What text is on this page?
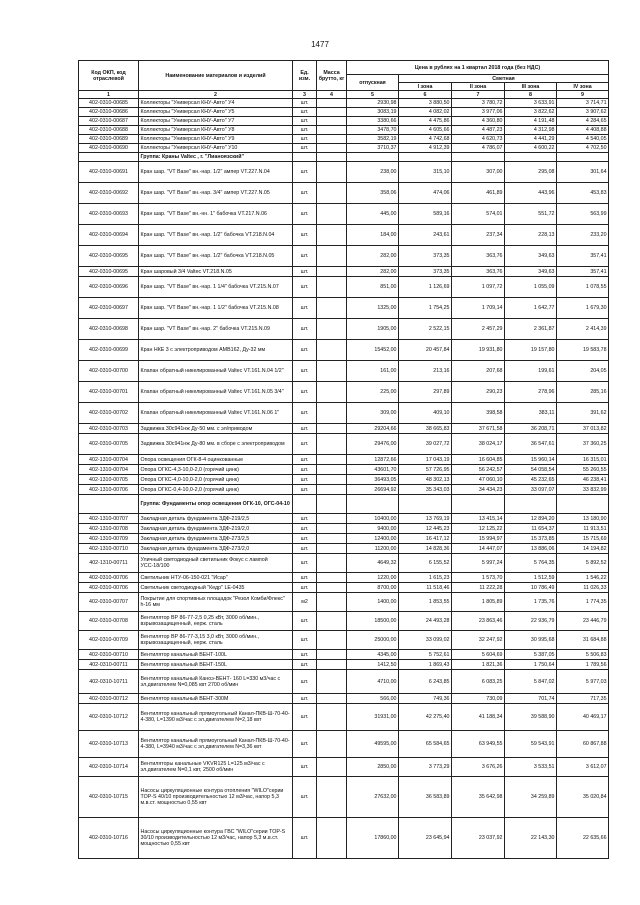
1477
Код ОКП, код отраслевой	Наименование материалов и изделий	Ед. изм.	Масса брутто, кг	Цена в рублях на 1 квартал 2018 года (без НДС)				
				отпускная	Сметная			
					I зона	II зона	III зона	IV зона
1	2	3	4	5	6	7	8	9
402-0310-00685	Коллекторы "Универсал КНУ-Авто" У4	шт.		2930,98	3 880,50	3 780,72	3 633,91	3 714,71
402-0310-00686	Коллекторы "Универсал КНУ-Авто" У5	шт.		3083,19	4 082,02	3 977,06	3 822,62	3 907,62
402-0310-00687	Коллекторы "Универсал КНУ-Авто" У7	шт.		3380,66	4 475,86	4 360,80	4 191,48	4 284,65
402-0310-00688	Коллекторы "Универсал КНУ-Авто" У8	шт.		3478,70	4 605,66	4 487,23	4 312,98	4 408,88
402-0310-00689	Коллекторы "Универсал КНУ-Авто" У9	шт.		3582,19	4 742,68	4 620,73	4 441,29	4 540,05
402-0310-00690	Коллекторы "Универсал КНУ-Авто" У10	шт.		3710,37	4 912,39	4 786,07	4 600,22	4 702,50
	Группа: Краны Valtec , г. "Лианоязский"							
402-0310-00691	Кран шар. "VT Base" вн.-нар. 1/2" ампер VT.227.N.04	шт.		238,00	315,10	307,00	295,08	301,64
402-0310-00692	Кран шар. "VT Base" вн.-нар. 3/4" ампер VT.227.N.05	шт.		358,06	474,06	461,89	443,96	453,83
402-0310-00693	Кран шар. "VT Base" вн.-нн. 1" бабочка VT.217.N.06	шт.		445,00	589,16	574,01	551,72	563,99
402-0310-00694	Кран шар. "VT Base" вн.-нар. 1/2" бабочка VT.218.N.04	шт.		184,00	243,61	237,34	228,13	233,20
402-0310-00695	Кран шар. "VT Base" вн.-нар. 1/2" бабочка VT.218.N.05	шт.		282,00	373,35	363,76	349,63	357,41
402-0310-00695	Кран шаровый 3/4 Valtec VT.218.N.05	шт.		282,00	373,35	363,76	349,63	357,41
402-0310-00696	Кран шар. "VT Base" вн.-нар. 1 1/4" бабочка VT.215.N.07	шт.		851,00	1 126,69	1 097,72	1 055,09	1 078,55
402-0310-00697	Кран шар. "VT Base" вн.-нар. 1 1/2" бабочка VT.215.N.08	шт.		1325,00	1 754,25	1 709,14	1 642,77	1 679,30
402-0310-00698	Кран шар. "VT Base" вн.-нар. 2" бабочка VT.215.N.09	шт.		1905,00	2 522,15	2 457,29	2 361,87	2 414,39
402-0310-00699	Кран НКЕ 3 с электроприводом АМВ162, Ду-32 мм	шт.		15452,00	20 457,84	19 931,80	19 157,80	19 583,78
402-0310-00700	Клапан обратный никелированный Valtec VT.161.N.04 1/2"	шт.		161,00	213,16	207,68	199,61	204,05
402-0310-00701	Клапан обратный никелированный Valtec VT.161.N.05 3/4"	шт.		225,00	297,89	290,23	278,96	285,16
402-0310-00702	Клапан обратный никелированный Valtec VT.161.N.06 1"	шт.		309,00	409,10	398,58	383,11	391,62
402-0310-00703	Задвижка 30с941нж Ду-50 мм. с эл/приводом	шт.		29204,66	38 665,83	37 671,58	36 208,71	37 013,82
402-0310-00705	Задвижка 30с941нж Ду-80 мм. в сборе с электроприводом	шт.		29476,00	39 027,72	38 024,17	36 547,61	37 360,25
402-1310-00704	Опора освещения ОГК-8-4 оцинкованные	шт.		12872,66	17 043,19	16 604,85	15 960,14	16 315,01
402-1310-00704	Опора ОГКС-4,3-10,0-2,0 (горячий цинк)	шт.		43601,70	57 726,95	56 242,57	54 058,54	55 260,55
402-1310-00705	Опора ОГКС-4,0-10,0-2,0 (горячий цинк)	шт.		36493,05	48 302,13	47 060,10	45 232,65	46 238,41
402-1310-00706	Опора ОГКС-0,4-10,0-2,0 (горячий цинк)	шт.		26694,92	35 343,03	34 434,23	33 097,07	33 832,99
	Группа: Фундаменты опор освещения ОГК-10, ОГС-04-10							
402-1310-00707	Закладная деталь фундамента ЗДФ-219/2,5	шт.		10400,00	13 769,19	13 415,14	12 894,20	13 180,90
402-1310-00708	Закладная деталь фундамента ЗДФ-219/2,0	шт.		9400,00	12 445,23	12 125,22	11 654,37	11 913,51
402-1310-00709	Закладная деталь фундамента ЗДФ-273/2,5	шт.		12400,00	16 417,12	15 994,97	15 373,85	15 715,69
402-1310-00710	Закладная деталь фундамента ЗДФ-273/2,0	шт.		11200,00	14 828,36	14 447,07	13 886,06	14 194,82
402-1310-00711	Уличный светодиодный светильник Фокус с лампой УСС-18/100	шт.		4649,32	6 155,52	5 997,24	5 764,35	5 892,52
402-0310-00706	Светильник НТУ-06-150-021 "Иcар"	шт.		1220,00	1 615,23	1 573,70	1 512,59	1 546,22
402-0310-00706	Светильник светодиодный "Кедр" LE-0435	шт.		8700,00	11 518,46	11 222,28	10 786,49	11 026,33
402-0310-00707	Покрытие для спортивных площадок "Резол Комби/Флекс" h-16 мм	м2		1400,00	1 853,55	1 805,89	1 735,76	1 774,35
402-0310-00708	Вентилятор ВР 86-77-2,5 0,25 кВт, 3000 об/мин., взрывозащищенный, нерж. сталь	шт.		18500,00	24 493,28	23 863,46	22 936,79	23 446,79
402-0310-00709	Вентилятор ВР 86-77-3,15 3,0 кВт, 3000 об/мин., взрывозащищенный, нерж. сталь	шт.		25000,00	33 099,02	32 247,92	30 995,68	31 684,88
402-0310-00710	Вентилятор канальный ВЕНТ-100L	шт.		4345,00	5 752,61	5 604,69	5 387,05	5 506,83
402-0310-00711	Вентилятор канальный ВЕНТ-150L	шт.		1412,50	1 869,43	1 821,36	1 750,64	1 789,56
402-0310-10711	Вентилятор канальный Каноэ-ВЕНТ- 160 L=330 м3/час с эл.двигателем N=0,085 квт 2700 об/мин	шт.		4710,00	6 243,85	6 083,25	5 847,02	5 977,03
402-0310-00712	Вентилятор канальный ВЕНТ-300М	шт.		566,00	749,36	730,09	701,74	717,35
402-0310-10712	Вентилятор канальный прямоугольный Канал-ПКВ-Ш-70-40-4-380, L=1390 м3/час с эл.двигателем N=2,18 квт	шт.		31931,00	42 275,40	41 188,34	39 588,90	40 469,17
402-0310-10713	Вентилятор канальный прямоугольный Канал-ПКВ-Ш-70-40-4-380, L=3940 м3/час с эл.двигателем N=3,36 квт	шт.		49595,00	65 584,65	63 949,55	59 543,91	60 867,88
402-0310-10714	Вентиляторы канальные VKVR125 L=125 м3/час с эл.двигателем N=0,1 квт, 2500 об/мин	шт.		2850,00	3 773,29	3 676,26	3 533,51	3 612,07
402-0310-10715	Насосы циркуляционные контура отопления "WILO"серии TOP-S 40/10 производительностью 12 м3/час, напор 5,3 м.в.ст. мощностью 0,55 квт	шт.		27632,00	36 583,89	35 642,98	34 259,89	35 020,84
402-0310-10716	Насосы циркуляционные контура ГВС "WILO"серии TOP-S 30/10 производительностью 12 м3/час, напор 5,3 м.в.ст. мощностью 0,55 квт	шт.		17860,00	23 645,94	23 037,92	22 143,30	22 635,66
